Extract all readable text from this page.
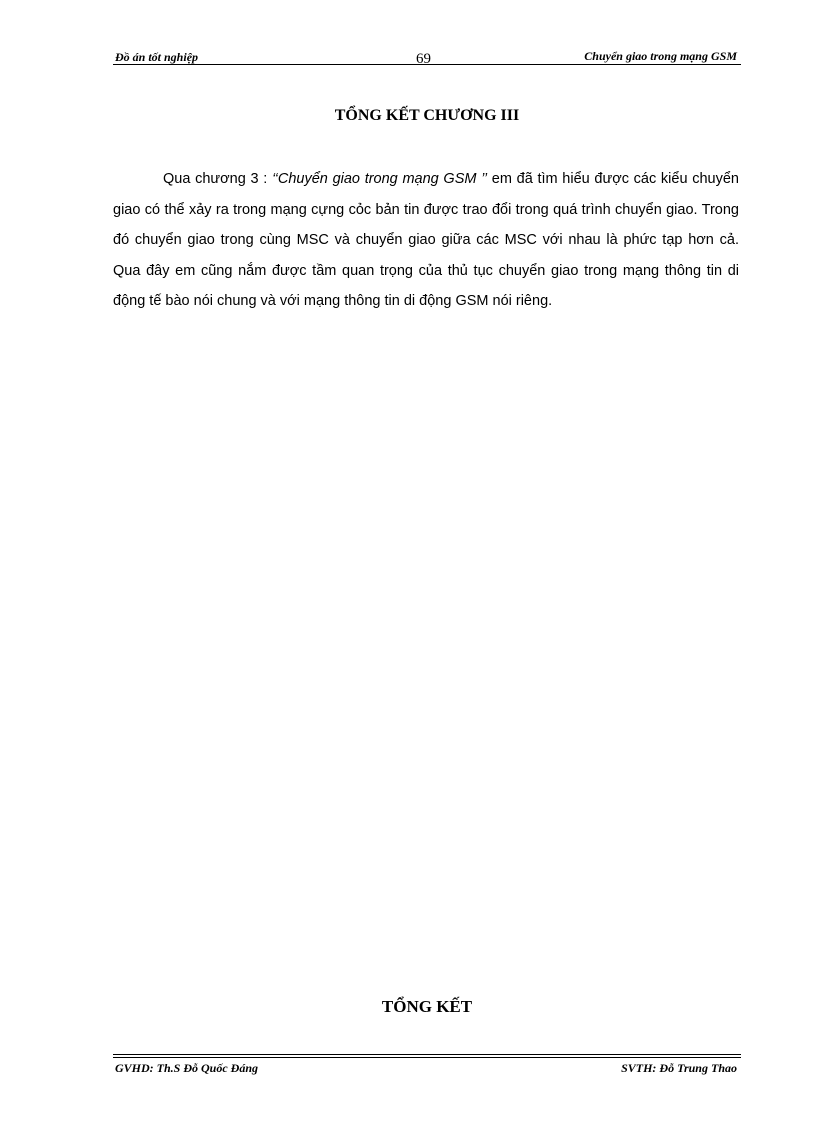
Đồ án tốt nghiệp	69	Chuyển giao trong mạng GSM
TỔNG KẾT CHƯƠNG III

Qua chương 3 : ‘‘Chuyển giao trong mạng GSM ’’ em đã tìm hiểu được các kiểu chuyển giao có thể xảy ra trong mạng cựng cỏc bản tin được trao đổi trong quá trình chuyển giao. Trong đó chuyển giao trong cùng MSC và chuyển giao giữa các MSC với nhau là phức tạp hơn cả. Qua đây em cũng nắm được tầm quan trọng của thủ tục chuyển giao trong mạng thông tin di động tế bào nói chung và với mạng thông tin di động GSM nói riêng.

TỔNG KẾT
GVHD: Th.S Đỗ Quốc Đáng	SVTH: Đỗ Trung Thao
